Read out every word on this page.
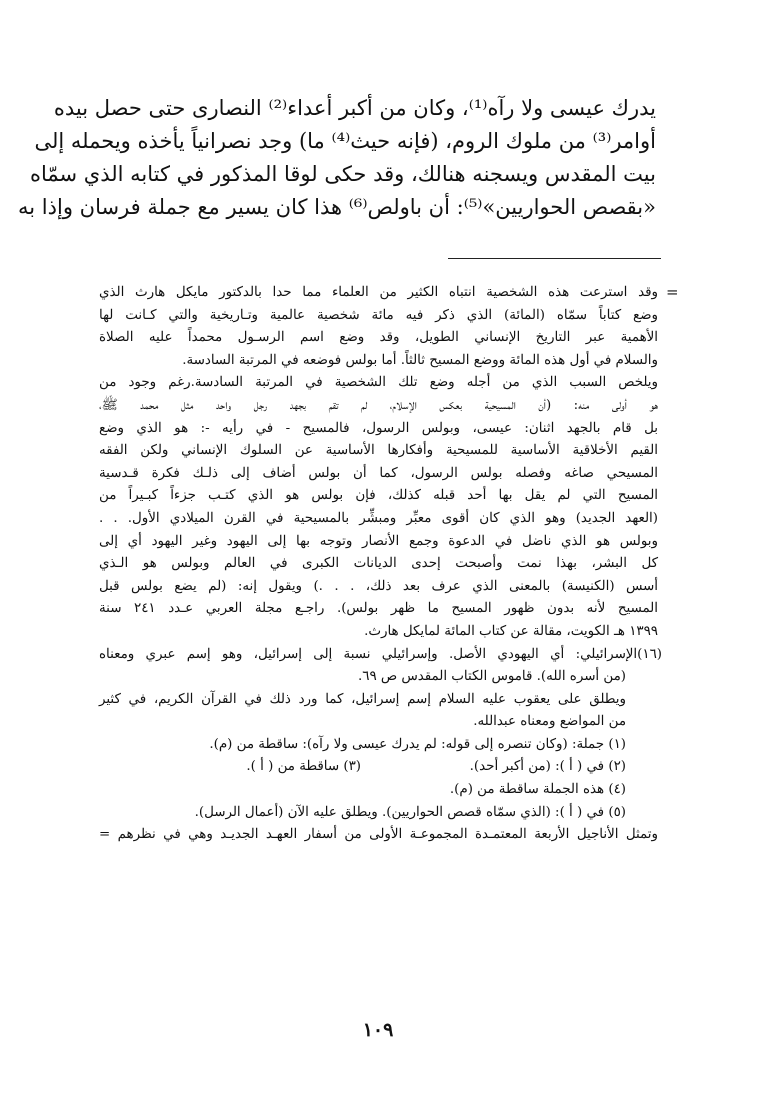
يدرك عيسى ولا رآه⁽¹⁾، وكان من أكبر أعداء⁽²⁾ النصارى حتى حصل بيده
أوامر⁽³⁾ من ملوك الروم، (فإنه حيث⁽⁴⁾ ما) وجد نصرانياً يأخذه ويحمله إلى
بيت المقدس ويسجنه هنالك، وقد حكى لوقا المذكور في كتابه الذي سمّاه
«بقصص الحواريين»⁽⁵⁾: أن باولص⁽⁶⁾ هذا كان يسير مع جملة فرسان وإذا به
=
وقد استرعت هذه الشخصية انتباه الكثير من العلماء مما حدا بالدكتور مايكل هارث الذي
وضع كتاباً سمّاه (المائة) الذي ذكر فيه مائة شخصية عالمية وتـاريخية والتي كـانت لها
الأهمية عبر التاريخ الإنساني الطويل، وقد وضع اسم الرسـول محمداً عليه الصلاة
والسلام في أول هذه المائة ووضع المسيح ثالثاً. أما بولس فوضعه في المرتبة السادسة.
ويلخص السبب الذي من أجله وضع تلك الشخصية في المرتبة السادسة.رغم وجود من
هو أولى منه: (أن المسيحية بعكس الإسلام، لم تقم بجهد رجل واحد مثل محمد ﷺ،
بل قام بالجهد اثنان: عيسى، وبولس الرسول، فالمسيح - في رأيه -: هو الذي وضع
القيم الأخلاقية الأساسية للمسيحية وأفكارها الأساسية عن السلوك الإنساني ولكن الفقه
المسيحي صاغه وفصله بولس الرسول، كما أن بولس أضاف إلى ذلـك فكرة قـدسية
المسيح التي لم يقل بها أحد قبله كذلك، فإن بولس هو الذي كتـب جزءاً كبـيراً من
(العهد الجديد) وهو الذي كان أقوى معبِّر ومبشِّر بالمسيحية في القرن الميلادي الأول. . .
وبولس هو الذي ناضل في الدعوة وجمع الأنصار وتوجه بها إلى اليهود وغير اليهود أي إلى
كل البشر، بهذا نمت وأصبحت إحدى الديانات الكبرى في العالم وبولس هو الـذي
أسس (الكنيسة) بالمعنى الذي عرف بعد ذلك، . . .) ويقول إنه: (لم يضع بولس قبل
المسيح لأنه بدون ظهور المسيح ما ظهر بولس). راجـع مجلة العربي عـدد ٢٤١ سنة
١٣٩٩ هـ الكويت، مقالة عن كتاب المائة لمايكل هارث.
(١٦)الإسرائيلي: أي اليهودي الأصل. وإسرائيلي نسبة إلى إسرائيل، وهو إسم عبري ومعناه
(من أسره الله). قاموس الكتاب المقدس ص ٦٩.
ويطلق على يعقوب عليه السلام إسم إسرائيل، كما ورد ذلك في القرآن الكريم، في كثير
من المواضع ومعناه عبدالله.
(١) جملة: (وكان تنصره إلى قوله: لم يدرك عيسى ولا رآه): ساقطة من (م).
(٢) في ( أ ): (من أكبر أحد).
(٣) ساقطة من ( أ ).
(٤) هذه الجملة ساقطة من (م).
(٥) في ( أ ): (الذي سمّاه قصص الحواريين). ويطلق عليه الآن (أعمال الرسل).
وتمثل الأناجيل الأربعة المعتمـدة المجموعـة الأولى من أسفار العهـد الجديـد وهي في نظرهم =
١٠٩
